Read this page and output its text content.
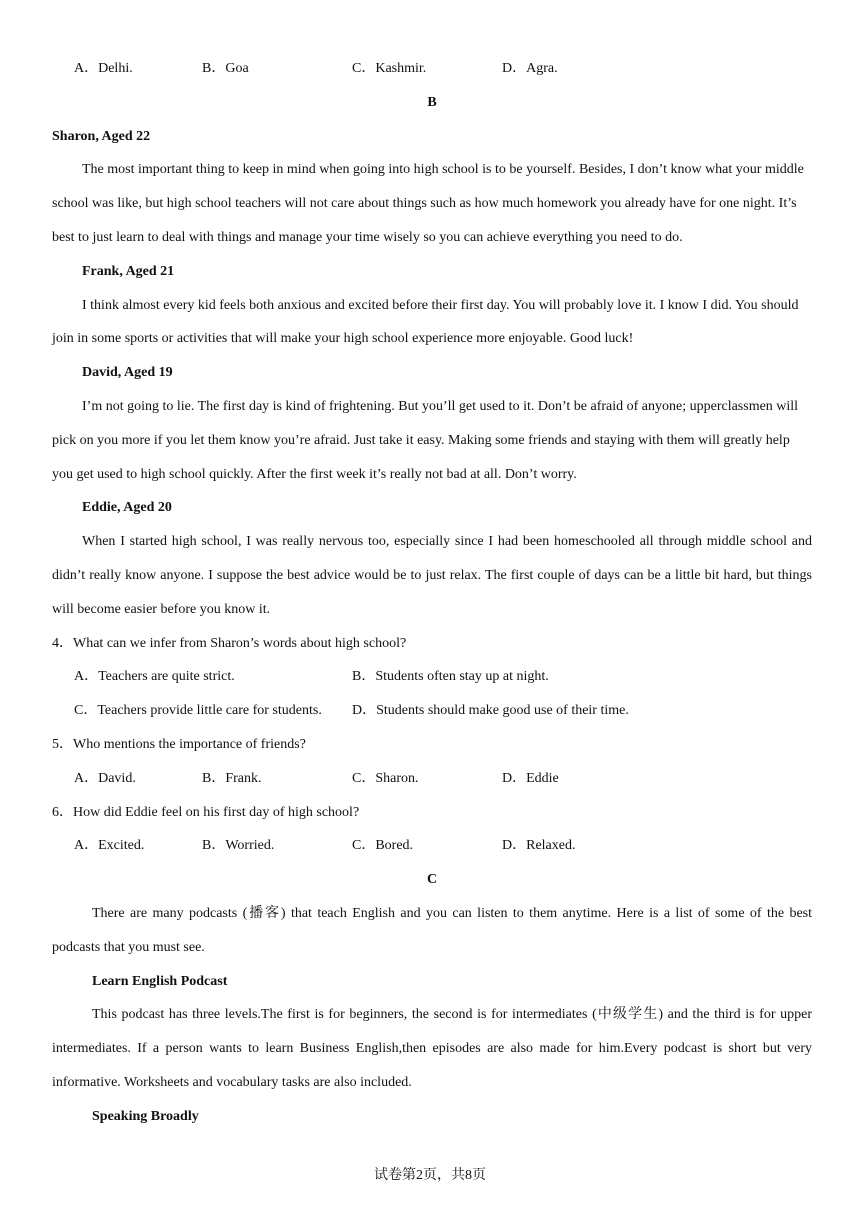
A．Delhi.	B．Goa	C．Kashmir.	D．Agra.

B

Sharon, Aged 22

The most important thing to keep in mind when going into high school is to be yourself. Besides, I don’t know what your middle school was like, but high school teachers will not care about things such as how much homework you already have for one night. It’s best to just learn to deal with things and manage your time wisely so you can achieve everything you need to do.

Frank, Aged 21

I think almost every kid feels both anxious and excited before their first day. You will probably love it. I know I did. You should join in some sports or activities that will make your high school experience more enjoyable. Good luck!

David, Aged 19

I’m not going to lie. The first day is kind of frightening. But you’ll get used to it. Don’t be afraid of anyone; upperclassmen will pick on you more if you let them know you’re afraid. Just take it easy. Making some friends and staying with them will greatly help you get used to high school quickly. After the first week it’s really not bad at all. Don’t worry.

Eddie, Aged 20

When I started high school, I was really nervous too, especially since I had been homeschooled all through middle school and didn’t really know anyone. I suppose the best advice would be to just relax. The first couple of days can be a little bit hard, but things will become easier before you know it.

4．What can we infer from Sharon’s words about high school?

A．Teachers are quite strict.	B．Students often stay up at night.
C．Teachers provide little care for students.	D．Students should make good use of their time.

5．Who mentions the importance of friends?

A．David.	B．Frank.	C．Sharon.	D．Eddie

6．How did Eddie feel on his first day of high school?

A．Excited.	B．Worried.	C．Bored.	D．Relaxed.

C

There are many podcasts (播客) that teach English and you can listen to them anytime. Here is a list of some of the best podcasts that you must see.

Learn English Podcast

This podcast has three levels.The first is for beginners, the second is for intermediates (中级学生) and the third is for upper intermediates. If a person wants to learn Business English,then episodes are also made for him.Every podcast is short but very informative. Worksheets and vocabulary tasks are also included.

Speaking Broadly

试卷第2页，共8页
